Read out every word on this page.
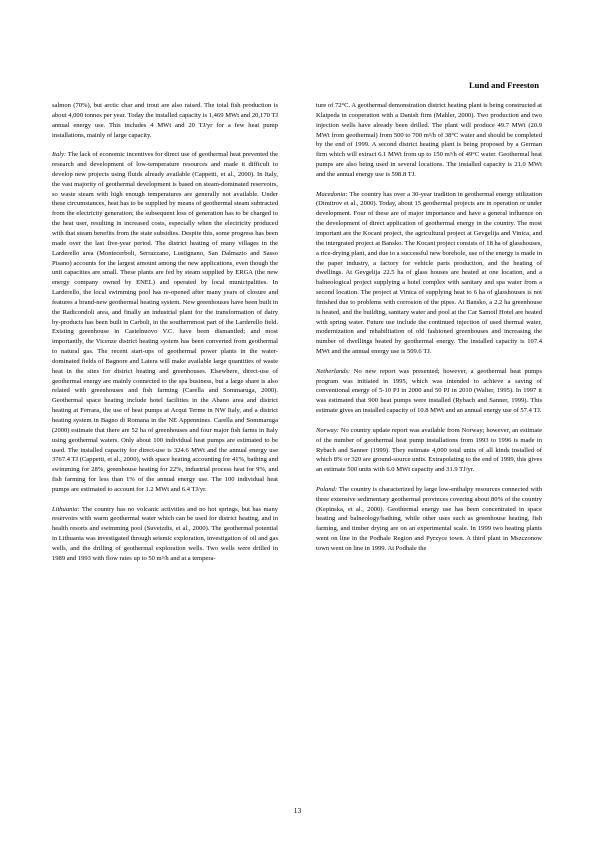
Lund and Freeston

salmon (70%), but arctic char and trout are also raised. The total fish production is about 4,000 tonnes per year. Today the installed capacity is 1,469 MWt and 20,170 TJ annual energy use. This includes 4 MWt and 20 TJ/yr for a few heat pump installations, mainly of large capacity.

Italy: The lack of economic incentives for direct use of geothermal heat prevented the research and development of low-temperature resources and made it difficult to develop new projects using fluids already available (Cappetti, et al., 2000). In Italy, the vast majority of geothermal development is based on steam-dominated reservoirs, so waste steam with high enough temperatures are generally not available. Under these circumstances, heat has to be supplied by means of geothermal steam subtracted from the electricity generation; the subsequent loss of generation has to be charged to the heat user, resulting in increased costs, especially when the electricity produced with that steam benefits from the state subsidies. Despite this, some progress has been made over the last five-year period. The district heating of many villages in the Larderello area (Montecerboli, Serrazzano, Lustignano, San Dalmazio and Sasso Pisano) accounts for the largest amount among the new applications, even though the unit capacities are small. These plants are fed by steam supplied by ERGA (the new energy company owned by ENEL) and operated by local municipalities. In Larderello, the local swimming pool has re-opened after many years of closure and features a brand-new geothermal heating system. New greenhouses have been built in the Radicondoli area, and finally an industrial plant for the transformation of dairy by-products has been built in Carboli, in the southernmost part of the Larderello field. Existing greenhouse in Castelnuovo V.C. have been dismantled; and most importantly, the Vicenze district heating system has been converted from geothermal to natural gas. The recent start-ups of geothermal power plants in the water-dominated fields of Bagnore and Latera will make available large quantities of waste heat in the sites for district heating and greenhouses. Elsewhere, direct-use of geothermal energy are mainly connected to the spa business, but a large share is also related with greenhouses and fish farming (Carella and Sommaruga, 2000). Geothermal space heating include hotel facilities in the Abano area and district heating at Ferrara, the use of heat pumps at Acqui Terme in NW Italy, and a district heating system in Bagno di Romana in the NE Appennines. Carella and Sommaruga (2000) estimate that there are 52 ha of greenhouses and four major fish farms in Italy using geothermal waters. Only about 100 individual heat pumps are estimated to be used. The installed capacity for direct-use is 324.6 MWt and the annual energy use 3767.4 TJ (Cappetti, et al., 2000), with space heating accounting for 41%, bathing and swimming for 28%, greenhouse heating for 22%, industrial process heat for 9%, and fish farming for less than 1% of the annual energy use. The 100 individual heat pumps are estimated to account for 1.2 MWt and 6.4 TJ/yr.

Lithuania: The country has no volcanic activities and no hot springs, but has many reservoirs with warm geothermal water which can be used for district heating, and in health resorts and swimming pool (Suveizdis, et al., 2000). The geothermal potential in Lithuania was investigated through seismic exploration, investigation of oil and gas wells, and the drilling of geothermal exploration wells. Two wells were drilled in 1989 and 1993 with flow rates up to 50 m³/h and at a tempera-

ture of 72°C. A geothermal demonstration district heating plant is being constructed at Klaipeda in cooperation with a Danish firm (Mahler, 2000). Two production and two injection wells have already been drilled. The plant will produce 49.7 MWt (20.9 MWt from geothermal) from 500 to 700 m³/h of 38°C water and should be completed by the end of 1999. A second district heating plant is being proposed by a German firm which will extract 6.1 MWt from up to 150 m³/h of 49°C water. Geothermal heat pumps are also being used in several locations. The installed capacity is 21.0 MWt and the annual energy use is 598.8 TJ.

Macedonia: The country has over a 30-year tradition in geothermal energy utilization (Dimitrov et al., 2000). Today, about 15 geothermal projects are in operation or under development. Four of these are of major importance and have a general influence on the development of direct application of geothermal energy in the country. The most important are the Kocani project, the agricultural project at Gevgelija and Vinica, and the intergrated project at Bansko. The Kocani project consists of 18 ha of glasshouses, a rice-drying plant, and due to a successful new borehole, use of the energy is made in the paper industry, a factory for vehicle parts production, and the heating of dwellings. At Gevgelija 22.5 ha of glass houses are heated at one location, and a balneological project supplying a hotel complex with sanitary and spa water from a second location. The project at Vinica of supplying heat to 6 ha of glasshouses is not finished due to problems with corrosion of the pipes. At Bansko, a 2.2 ha greenhouse is heated, and the building, sanitary water and pool at the Car Samoil Hotel are heated with spring water. Future use include the continued injection of used thermal water, modernization and rehabilitation of old fashioned greenhouses and increasing the number of dwellings heated by geothermal energy. The installed capacity is 107.4 MWt and the annual energy use is 509.6 TJ.

Netherlands: No new report was presented; however, a geothermal heat pumps program was initiated in 1995, which was intended to achieve a saving of conventional energy of 5-10 PJ in 2000 and 50 PJ in 2010 (Walter, 1995). In 1997 it was estimated that 900 heat pumps were installed (Rybach and Sanner, 1999). This estimate gives an installed capacity of 10.8 MWt and an annual energy use of 57.4 TJ.

Norway: No country update report was available from Norway; however, an estimate of the number of geothermal heat pump installations from 1993 to 1996 is made in Rybach and Sanner (1999). They estimate 4,000 total units of all kinds installed of which 8% or 320 are ground-source units. Extrapolating to the end of 1999, this gives an estimate 500 units with 6.0 MWt capacity and 31.9 TJ/yr.

Poland: The country is characterized by large low-enthalpy resources connected with three extensive sedimentary geothermal provinces covering about 80% of the country (Kepinska, et al., 2000). Geothermal energy use has been concentrated in space heating and balneology/bathing, while other uses such as greenhouse heating, fish farming, and timber drying are on an experimental scale. In 1999 two heating plants went on line in the Podhale Region and Pyrzyce town. A third plant in Mszczonow town went on line in 1999. At Podhale the

13
